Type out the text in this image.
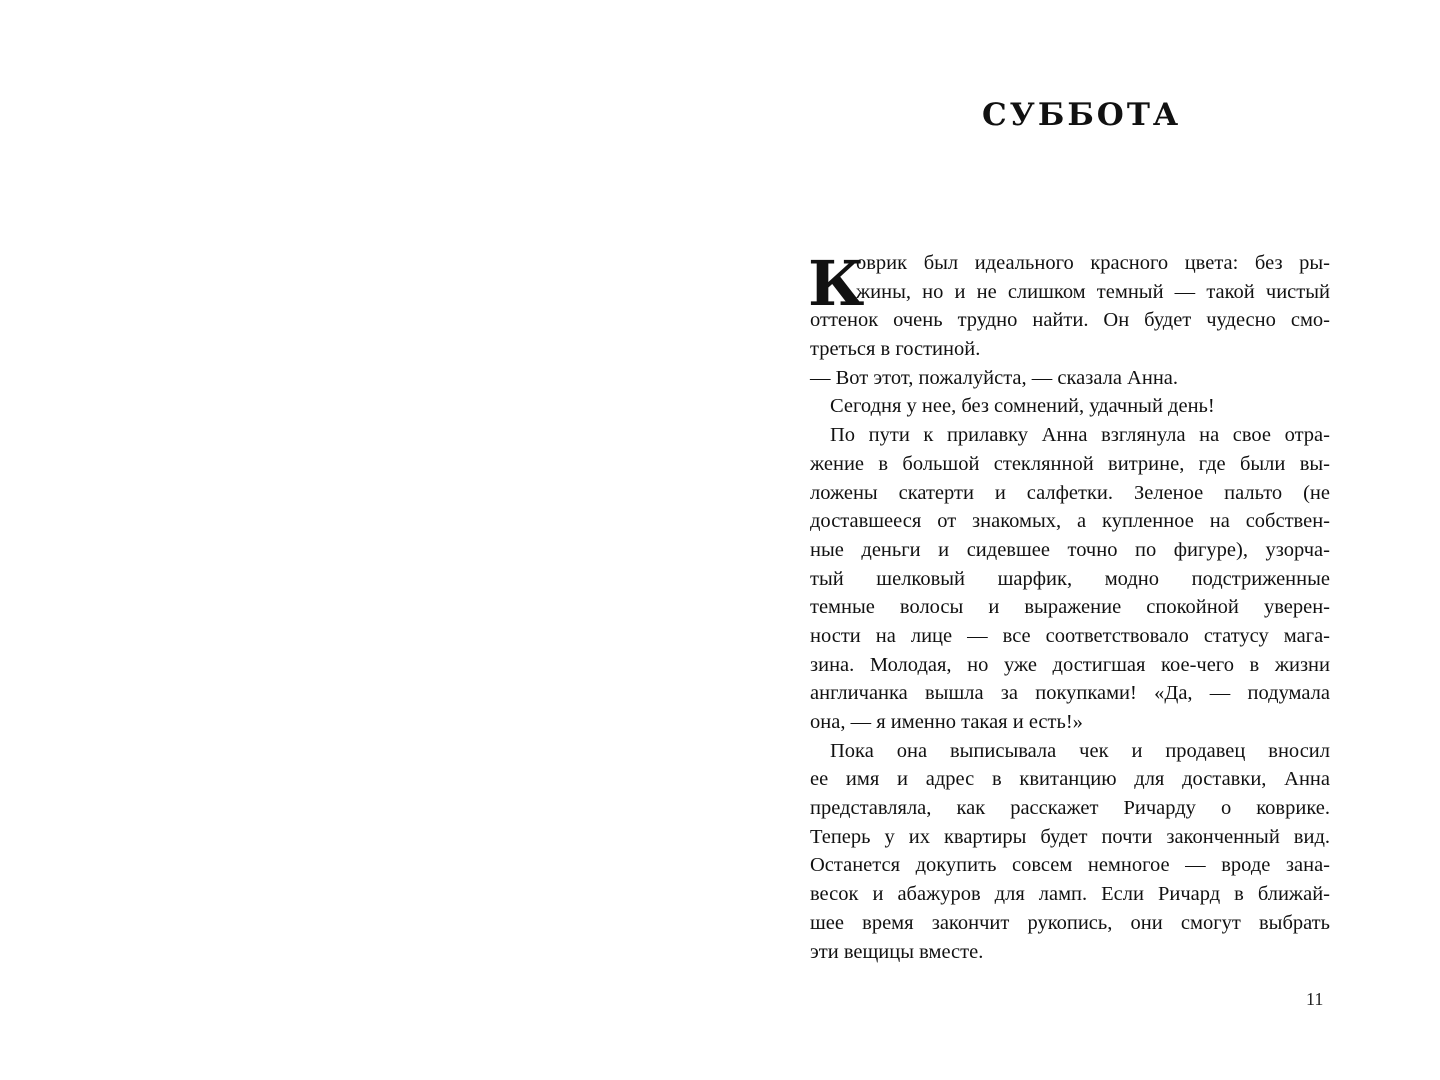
СУББОТА
К
оврик был идеального красного цвета: без ры-
жины, но и не слишком темный — такой чистый
оттенок очень трудно найти. Он будет чудесно смо-
треться в гостиной.
— Вот этот, пожалуйста, — сказала Анна.
Сегодня у нее, без сомнений, удачный день!
По пути к прилавку Анна взглянула на свое отра-
жение в большой стеклянной витрине, где были вы-
ложены скатерти и салфетки. Зеленое пальто (не
доставшееся от знакомых, а купленное на собствен-
ные деньги и сидевшее точно по фигуре), узорча-
тый шелковый шарфик, модно подстриженные
темные волосы и выражение спокойной уверен-
ности на лице — все соответствовало статусу мага-
зина. Молодая, но уже достигшая кое-чего в жизни
англичанка вышла за покупками! «Да, — подумала
она, — я именно такая и есть!»
Пока она выписывала чек и продавец вносил
ее имя и адрес в квитанцию для доставки, Анна
представляла, как расскажет Ричарду о коврике.
Теперь у их квартиры будет почти законченный вид.
Останется докупить совсем немногое — вроде зана-
весок и абажуров для ламп. Если Ричард в ближай-
шее время закончит рукопись, они смогут выбрать
эти вещицы вместе.
11
